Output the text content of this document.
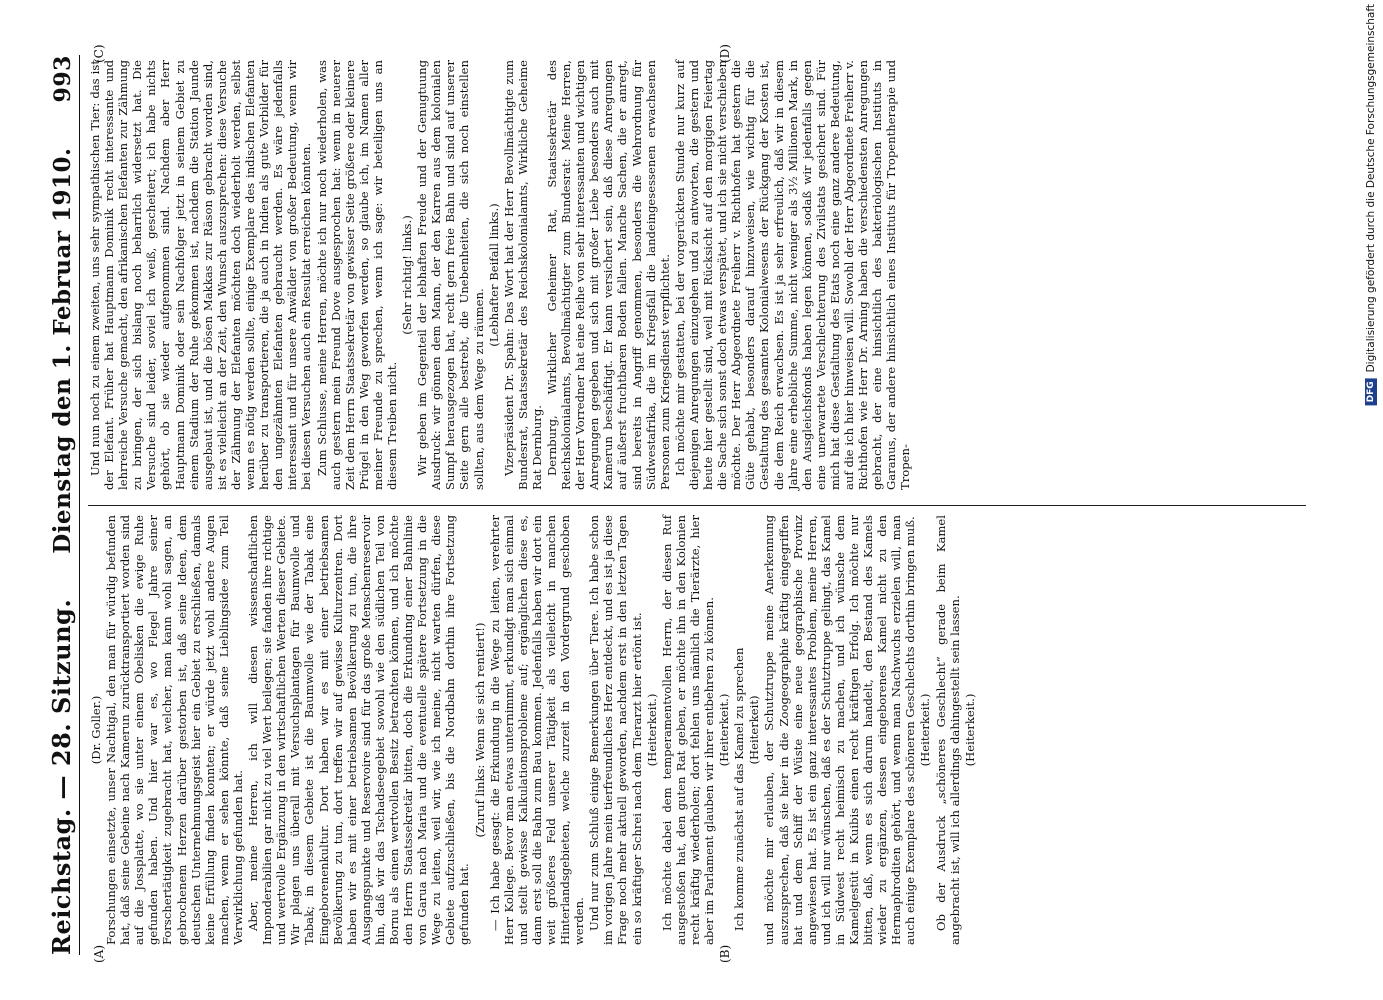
Reichstag. — 28. Sitzung.
Dienstag den 1. Februar 1910.
993
(A)	(B)
(C)	(D)

(Dr. Goller.) Forschungen einsetzte, unser Nachtigal, den man für würdig befunden hat, daß seine Gebeine nach Kamerun zurücktransportiert worden sind auf die Jossplatte, wo sie unter einem Obelisken die ewige Ruhe gefunden haben. Und hier war es, wo Flegel Jahre seiner Forschertätigkeit zugebracht hat, welcher, man kann wohl sagen, an gebrochenem Herzen darüber gestorben ist, daß seine Ideen, dem deutschen Unternehmungsgeist hier ein Gebiet zu erschließen, damals keine Erfüllung finden konnten; er würde jetzt wohl andere Augen machen, wenn er sehen könnte, daß seine Lieblingsidee zum Teil Verwirklichung gefunden hat. Aber, meine Herren, ich will diesen wissenschaftlichen Imponderabilien gar nicht zu viel Wert beilegen; sie fanden ihre richtige und wertvolle Ergänzung in den wirtschaftlichen Werten dieser Gebiete. Wir plagen uns überall mit Versuchsplantagen für Baumwolle und Tabak; in diesem Gebiete ist die Baumwolle wie der Tabak eine Eingeborenenkultur. Dort haben wir es mit einer betriebsamen Bevölkerung zu tun, dort treffen wir auf gewisse Kulturzentren. Dort haben wir es mit einer betriebsamen Bevölkerung zu tun, die ihre Ausgangspunkte und Reservoire sind für das große Menschenreservoir hin, daß wir das Tschadseegebiet sowohl wie den südlichen Teil von Bornu als einen wertvollen Besitz betrachten können, und ich möchte den Herrn Staatssekretär bitten, doch die Erkundung einer Bahnlinie von Garua nach Maria und die eventuelle spätere Fortsetzung in die Wege zu leiten, weil wir, wie ich meine, nicht warten dürfen, diese Gebiete aufzuschließen, bis die Nordbahn dorthin ihre Fortsetzung gefunden hat.

(Zuruf links: Wenn sie sich rentiert!) — Ich habe gesagt: die Erkundung in die Wege zu leiten, verehrter Herr Kollege. Bevor man etwas unternimmt, erkundigt man sich einmal und stellt gewisse Kalkulationsprobleme auf; ergänglichen diese es, dann erst soll die Bahn zum Bau kommen. Jedenfalls haben wir dort ein weit größeres Feld unserer Tätigkeit als vielleicht in manchen Hinterlandsgebieten, welche zurzeit in den Vordergrund geschoben werden. Und nur zum Schluß einige Bemerkungen über Tiere. Ich habe schon im vorigen Jahre mein tierfreundliches Herz entdeckt, und es ist ja diese Frage noch mehr aktuell geworden, nachdem erst in den letzten Tagen ein so kräftiger Schrei nach dem Tierarzt hier ertönt ist. (Heiterkeit.) Ich möchte dabei dem temperamentvollen Herrn, der diesen Ruf ausgestoßen hat, den guten Rat geben, er möchte ihn in den Kolonien recht kräftig wiederholen; dort fehlen uns nämlich die Tierärzte, hier aber im Parlament glauben wir ihrer entbehren zu können. (Heiterkeit.) Ich komme zunächst auf das Kamel zu sprechen (Heiterkeit) und möchte mir erlauben, der Schutztruppe meine Anerkennung auszusprechen, daß sie hier in die Zoogeographie kräftig eingegriffen hat und dem Schiff der Wüste eine neue geographische Provinz angewiesen hat. Es ist ein ganz interessantes Problem, meine Herren, und ich will nur wünschen, daß es der Schutztruppe gelingt, das Kamel in Südwest recht heimisch zu machen, und ich wünsche dem Kamelgestüt in Kuibis einen recht kräftigen Erfolg. Ich möchte nur bitten, daß, wenn es sich darum handelt, den Bestand des Kamels wieder zu ergänzen, dessen eingeborenes Kamel nicht zu den Hermaphroditen gehört, und wenn man Nachwuchs erzielen will, man auch einige Exemplare des schöneren Geschlechts dorthin bringen muß. (Heiterkeit.) Ob der Ausdruck „schöneres Geschlecht“ gerade beim Kamel angebracht ist, will ich allerdings dahingestellt sein lassen. (Heiterkeit.)

Und nun noch zu einem zweiten, uns sehr sympathischen Tier: das ist der Elefant. Früher hat Hauptmann Dominik recht interessante und lehrreiche Versuche gemacht, den afrikanischen Elefanten zur Zähmung zu bringen, der sich bislang noch beharrlich widersetzt hat. Die Versuche sind leider, soviel ich weiß, gescheitert; ich habe nichts gehört, ob sie wieder aufgenommen sind. Nachdem aber Herr Hauptmann Dominik oder sein Nachfolger jetzt in seinem Gebiet zu einem Stadium der Ruhe gekommen ist, nachdem die Station Jaunde ausgebaut ist, und die bösen Makkas zur Räson gebracht worden sind, ist es vielleicht an der Zeit, den Wunsch auszusprechen: diese Versuche der Zähmung der Elefanten möchten doch wiederholt werden, selbst wenn es nötig werden sollte, einige Exemplare des indischen Elefanten herüber zu transportieren, die ja auch in Indien als gute Vorbilder für den ungezähmten Elefanten gebraucht werden. Es wäre jedenfalls interessant und für unsere Anwälder von großer Bedeutung, wenn wir bei diesen Versuchen auch ein Resultat erreichen könnten. Zum Schlusse, meine Herren, möchte ich nur noch wiederholen, was auch gestern mein Freund Dove ausgesprochen hat: wenn in neuerer Zeit dem Herrn Staatssekretär von gewisser Seite größere oder kleinere Prügel in den Weg geworfen werden, so glaube ich, im Namen aller meiner Freunde zu sprechen, wenn ich sage: wir beteiligen uns an diesem Treiben nicht.

(Sehr richtig! links.) Wir geben im Gegenteil der lebhaften Freude und der Genugtuung Ausdruck: wir gönnen dem Mann, der den Karren aus dem kolonialen Sumpf herausgezogen hat, recht gern freie Bahn und sind auf unserer Seite gern alle bestrebt, die Unebenheiten, die sich noch einstellen sollten, aus dem Wege zu räumen.

(Lebhafter Beifall links.) Vizepräsident Dr. Spahn: Das Wort hat der Herr Bevollmächtigte zum Bundesrat, Staatssekretär des Reichskolonialamts, Wirkliche Geheime Rat Dernburg. Dernburg, Wirklicher Geheimer Rat, Staatssekretär des Reichskolonialamts, Bevollmächtigter zum Bundesrat: Meine Herren, der Herr Vorredner hat eine Reihe von sehr interessanten und wichtigen Anregungen gegeben und sich mit großer Liebe besonders auch mit Kamerun beschäftigt. Er kann versichert sein, daß diese Anregungen auf äußerst fruchtbaren Boden fallen. Manche Sachen, die er anregt, sind bereits in Angriff genommen, besonders die Wehrordnung für Südwestafrika, die im Kriegsfall die landeingesessenen erwachsenen Personen zum Kriegsdienst verpflichtet. Ich möchte mir gestatten, bei der vorgerückten Stunde nur kurz auf diejenigen Anregungen einzugehen und zu antworten, die gestern und heute hier gestellt sind, weil mit Rücksicht auf den morgigen Feiertag die Sache sich sonst doch etwas verspätet, und ich sie nicht verschieben möchte. Der Herr Abgeordnete Freiherr v. Richthofen hat gestern die Güte gehabt, besonders darauf hinzuweisen, wie wichtig für die Gestaltung des gesamten Kolonialwesens der Rückgang der Kosten ist, die dem Reich erwachsen. Es ist ja sehr erfreulich, daß wir in diesem Jahre eine erhebliche Summe, nicht weniger als 3½ Millionen Mark, in den Ausgleichsfonds haben legen können, sodaß wir jedenfalls gegen eine unerwartete Verschlechterung des Zivilstats gesichert sind. Für mich hat diese Gestaltung des Etats noch eine ganz andere Bedeutung, auf die ich hier hinweisen will. Sowohl der Herr Abgeordnete Freiherr v. Richthofen wie Herr Dr. Arning haben die verschiedensten Anregungen gebracht, der eine hinsichtlich des bakteriologischen Instituts in Garanus, der andere hinsichtlich eines Instituts für Tropentherapie und Tropen-

DFG
Digitalisierung gefördert durch die Deutsche Forschungsgemeinschaft
